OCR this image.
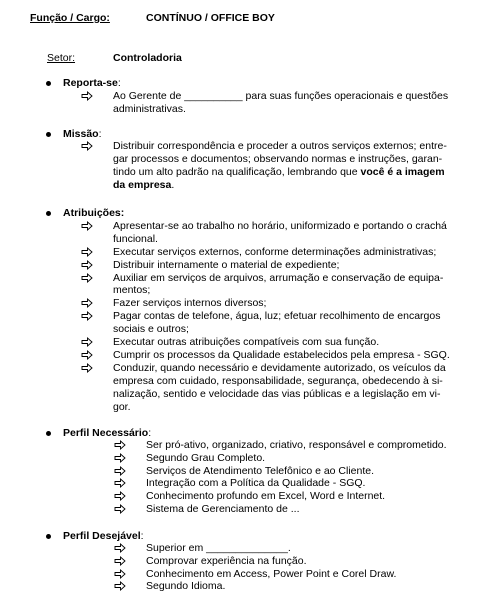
Função / Cargo:	CONTÍNUO / OFFICE BOY
Setor:	Controladoria
Reporta-se:
Ao Gerente de __________ para suas funções operacionais e questões
administrativas.
Missão:
Distribuir correspondência e proceder a outros serviços externos; entre-
gar processos e documentos; observando normas e instruções, garan-
tindo um alto padrão na qualificação, lembrando que você é a imagem
da empresa.
Atribuições:
Apresentar-se ao trabalho no horário, uniformizado e portando o crachá
funcional.
Executar serviços externos, conforme determinações administrativas;
Distribuir internamente o material de expediente;
Auxiliar em serviços de arquivos, arrumação e conservação de equipa-
mentos;
Fazer serviços internos diversos;
Pagar contas de telefone, água, luz; efetuar recolhimento de encargos
sociais e outros;
Executar outras atribuições compatíveis com sua função.
Cumprir os processos da Qualidade estabelecidos pela empresa - SGQ.
Conduzir, quando necessário e devidamente autorizado, os veículos da
empresa com cuidado, responsabilidade, segurança, obedecendo à si-
nalização, sentido e velocidade das vias públicas e a legislação em vi-
gor.
Perfil Necessário:
Ser pró-ativo, organizado, criativo, responsável e comprometido.
Segundo Grau Completo.
Serviços de Atendimento Telefônico e ao Cliente.
Integração com a Política da Qualidade - SGQ.
Conhecimento profundo em Excel, Word e Internet.
Sistema de Gerenciamento de ...
Perfil Desejável:
Superior em ______________.
Comprovar experiência na função.
Conhecimento em Access, Power Point e Corel Draw.
Segundo Idioma.
